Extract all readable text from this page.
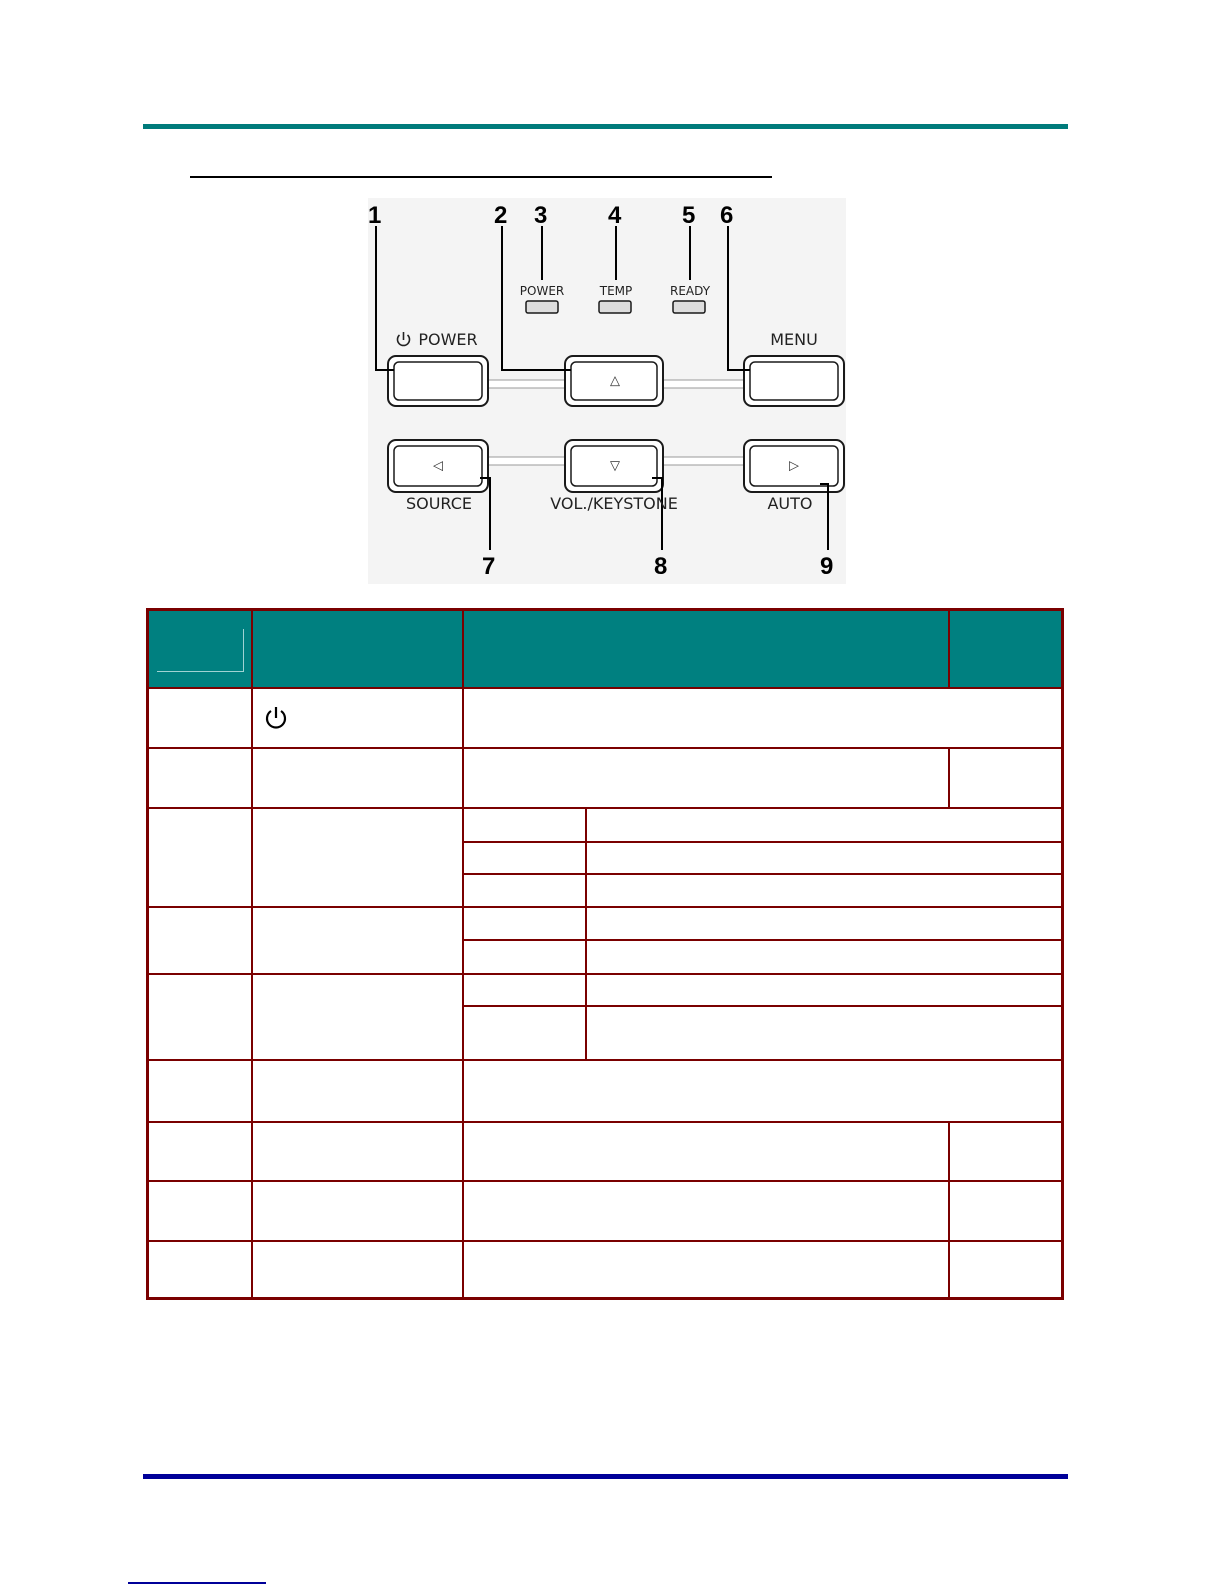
1	2 3	4	5 6
7	8	9
POWER	TEMP	READY
POWER	MENU
SOURCE	VOL./KEYSTONE	AUTO
△
◁	▽	▷
